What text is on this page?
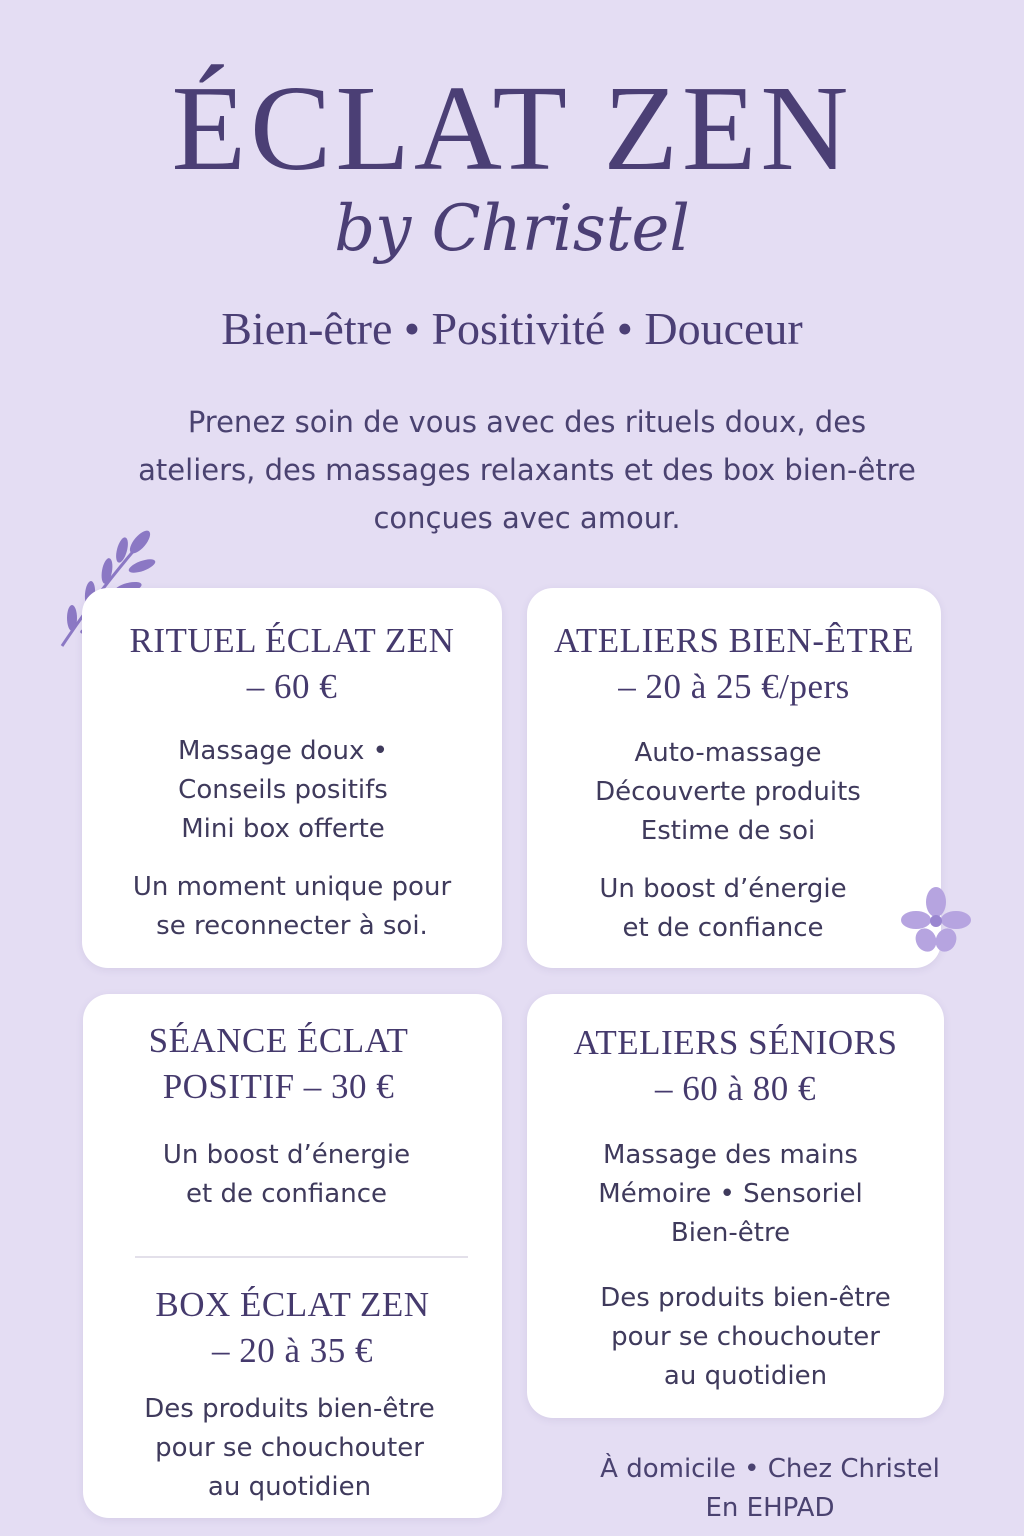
ÉCLAT ZEN
by Christel
Bien-être • Positivité • Douceur
Prenez soin de vous avec des rituels doux, des
ateliers, des massages relaxants et des box bien-être
conçues avec amour.
RITUEL ÉCLAT ZEN
– 60 €
Massage doux •
Conseils positifs
Mini box offerte
Un moment unique pour
se reconnecter à soi.
ATELIERS BIEN-ÊTRE
– 20 à 25 €/pers
Auto-massage
Découverte produits
Estime de soi
Un boost d’énergie
et de confiance
SÉANCE ÉCLAT
POSITIF – 30 €
Un boost d’énergie
et de confiance
BOX ÉCLAT ZEN
– 20 à 35 €
Des produits bien-être
pour se chouchouter
au quotidien
ATELIERS SÉNIORS
– 60 à 80 €
Massage des mains
Mémoire • Sensoriel
Bien-être
Des produits bien-être
pour se chouchouter
au quotidien
À domicile • Chez Christel
En EHPAD
